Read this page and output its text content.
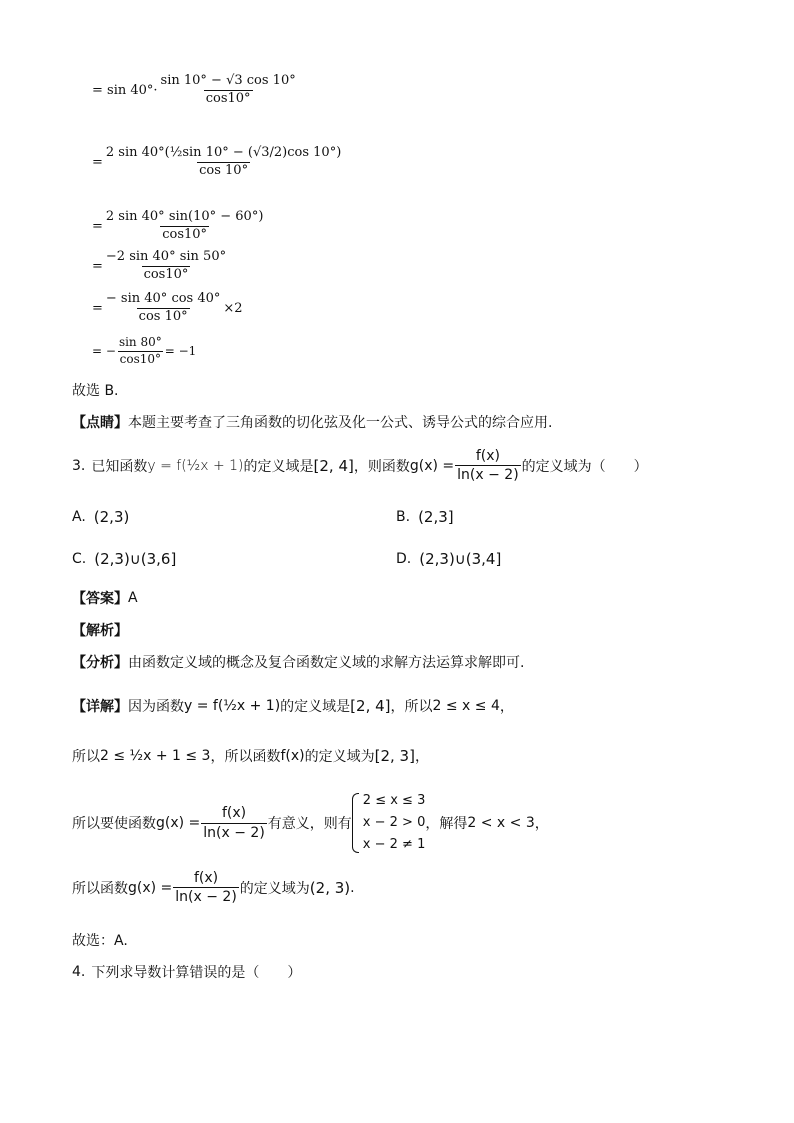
= $\sin 40^\circ\cdot \frac{\sin 10^\circ - √3 \cos 10^\circ}{\cos 10^\circ}$
= $\frac{\text{2 sin 40°(½sin 10° − (√3/2)cos 10°)}}{\cos 10^\circ}$
= $\frac{2 \sin 40^\circ \sin(10^\circ - 60^\circ)}{\cos 10^\circ}$
= $\frac{-2 \sin 40^\circ \sin 50^\circ}{\cos 10^\circ}$
= $\frac{- \sin 40^\circ \cos 40^\circ}{\cos 10^\circ} \times 2$
= − $\frac{\sin 80^\circ}{\cos 10^\circ} = -1$
故选 B.
【点睛】 本题主要考查了三角函数的切化弦及化一公式、诱导公式的综合应用.
3. 已知函数 y = f(½x + 1) 的定义域是 [2, 4] ，则函数 $g(x) = \frac{f(x)}{\ln(x - 2)}$ 的定义域为（　　）
A. (2,3)	B. (2,3]
C. (2,3)∪(3,6]	D. (2,3)∪(3,4]
【答案】 A
【解析】
【分析】 由函数定义域的概念及复合函数定义域的求解方法运算求解即可.
【详解】 因为函数 y = f(½x + 1) 的定义域是 [2, 4] ，所以 2 ≤ x ≤ 4 ，
所以 2 ≤ ½x + 1 ≤ 3 ，所以函数 f(x) 的定义域为 [2, 3] ，
所以要使函数 $g(x) = \frac{f(x)}{\ln(x - 2)}$ 有意义，则有
2 ≤ x ≤ 3
x − 2 > 0
x − 2 ≠ 1
，解得 2 < x < 3 ，
所以函数 $g(x) = \frac{f(x)}{\ln(x - 2)}$ 的定义域为 (2, 3) .
故选：A.
4. 下列求导数计算错误的是（　　）
